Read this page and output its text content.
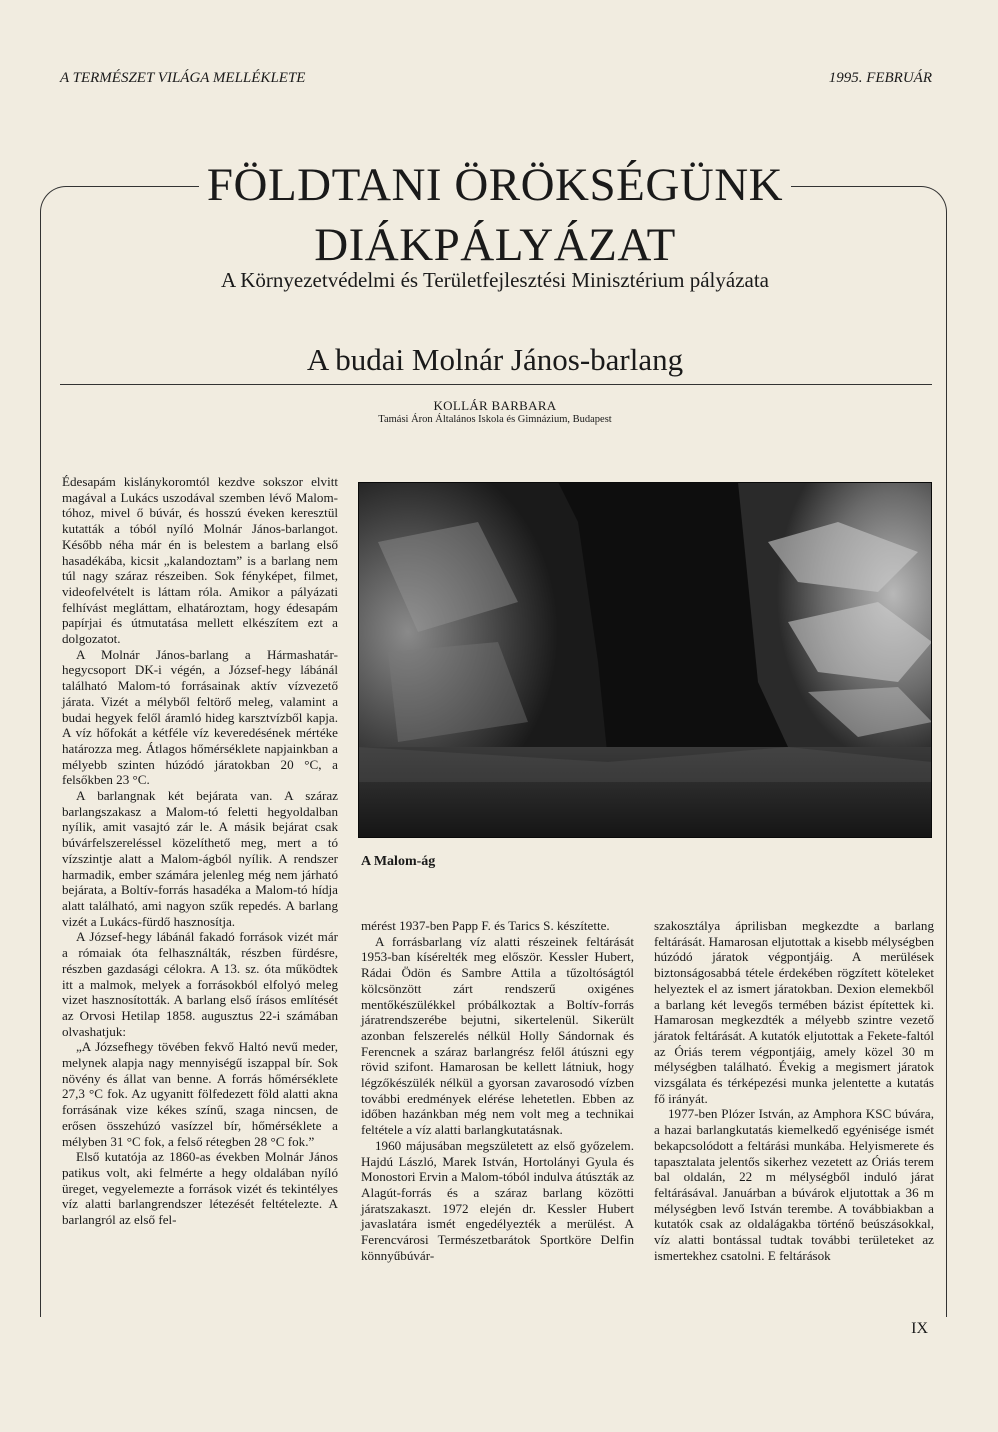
A TERMÉSZET VILÁGA MELLÉKLETE	1995. FEBRUÁR
FÖLDTANI ÖRÖKSÉGÜNK
DIÁKPÁLYÁZAT
A Környezetvédelmi és Területfejlesztési Minisztérium pályázata
A budai Molnár János-barlang
KOLLÁR BARBARA
Tamási Áron Általános Iskola és Gimnázium, Budapest

Édesapám kislánykoromtól kezdve sokszor elvitt magával a Lukács uszodával szemben lévő Malom-tóhoz, mivel ő búvár, és hosszú éveken keresztül kutatták a tóból nyíló Molnár János-barlangot. Később néha már én is belestem a barlang első hasadékába, kicsit „kalandoztam” is a barlang nem túl nagy száraz részeiben. Sok fényképet, filmet, videofelvételt is láttam róla. Amikor a pályázati felhívást megláttam, elhatároztam, hogy édesapám papírjai és útmutatása mellett elkészítem ezt a dolgozatot.

A Molnár János-barlang a Hármashatár-hegycsoport DK-i végén, a József-hegy lábánál található Malom-tó forrásainak aktív vízvezető járata. Vizét a mélyből feltörő meleg, valamint a budai hegyek felől áramló hideg karsztvízből kapja. A víz hőfokát a kétféle víz keveredésének mértéke határozza meg. Átlagos hőmérséklete napjainkban a mélyebb szinten húzódó járatokban 20 °C, a felsőkben 23 °C.

A barlangnak két bejárata van. A száraz barlangszakasz a Malom-tó feletti hegyoldalban nyílik, amit vasajtó zár le. A másik bejárat csak búvárfelszereléssel közelíthető meg, mert a tó vízszintje alatt a Malom-ágból nyílik. A rendszer harmadik, ember számára jelenleg még nem járható bejárata, a Boltív-forrás hasadéka a Malom-tó hídja alatt található, ami nagyon szűk repedés. A barlang vizét a Lukács-fürdő hasznosítja.

A József-hegy lábánál fakadó források vizét már a rómaiak óta felhasználták, részben fürdésre, részben gazdasági célokra. A 13. sz. óta működtek itt a malmok, melyek a forrásokból elfolyó meleg vizet hasznosították. A barlang első írásos említését az Orvosi Hetilap 1858. augusztus 22-i számában olvashatjuk:

„A Józsefhegy tövében fekvő Haltó nevű meder, melynek alapja nagy mennyiségű iszappal bír. Sok növény és állat van benne. A forrás hőmérséklete 27,3 °C fok. Az ugyanitt fölfedezett föld alatti akna forrásának vize kékes színű, szaga nincsen, de erősen összehúzó vasízzel bír, hőmérséklete a mélyben 31 °C fok, a felső rétegben 28 °C fok.”

Első kutatója az 1860-as években Molnár János patikus volt, aki felmérte a hegy oldalában nyíló üreget, vegyelemezte a források vizét és tekintélyes víz alatti barlangrendszer létezését feltételezte. A barlangról az első fel-

A Malom-ág

mérést 1937-ben Papp F. és Tarics S. készítette.

A forrásbarlang víz alatti részeinek feltárását 1953-ban kísérelték meg először. Kessler Hubert, Rádai Ödön és Sambre Attila a tűzoltóságtól kölcsönzött zárt rendszerű oxigénes mentőkészülékkel próbálkoztak a Boltív-forrás járatrendszerébe bejutni, sikertelenül. Sikerült azonban felszerelés nélkül Holly Sándornak és Ferencnek a száraz barlangrész felől átúszni egy rövid szifont. Hamarosan be kellett látniuk, hogy légzőkészülék nélkül a gyorsan zavarosodó vízben további eredmények elérése lehetetlen. Ebben az időben hazánkban még nem volt meg a technikai feltétele a víz alatti barlangkutatásnak.

1960 májusában megszületett az első győzelem. Hajdú László, Marek István, Hortolányi Gyula és Monostori Ervin a Malom-tóból indulva átúszták az Alagút-forrás és a száraz barlang közötti járatszakaszt. 1972 elején dr. Kessler Hubert javaslatára ismét engedélyezték a merülést. A Ferencvárosi Természetbarátok Sportköre Delfin könnyűbúvár-

szakosztálya áprilisban megkezdte a barlang feltárását. Hamarosan eljutottak a kisebb mélységben húzódó járatok végpontjáig. A merülések biztonságosabbá tétele érdekében rögzített köteleket helyeztek el az ismert járatokban. Dexion elemekből a barlang két levegős termében bázist építettek ki. Hamarosan megkezdték a mélyebb szintre vezető járatok feltárását. A kutatók eljutottak a Fekete-faltól az Óriás terem végpontjáig, amely közel 30 m mélységben található. Évekig a megismert járatok vizsgálata és térképezési munka jelentette a kutatás fő irányát.

1977-ben Plózer István, az Amphora KSC búvára, a hazai barlangkutatás kiemelkedő egyénisége ismét bekapcsolódott a feltárási munkába. Helyismerete és tapasztalata jelentős sikerhez vezetett az Óriás terem bal oldalán, 22 m mélységből induló járat feltárásával. Januárban a búvárok eljutottak a 36 m mélységben levő István terembe. A továbbiakban a kutatók csak az oldalágakba történő beúszásokkal, víz alatti bontással tudtak további területeket az ismertekhez csatolni. E feltárások

IX
